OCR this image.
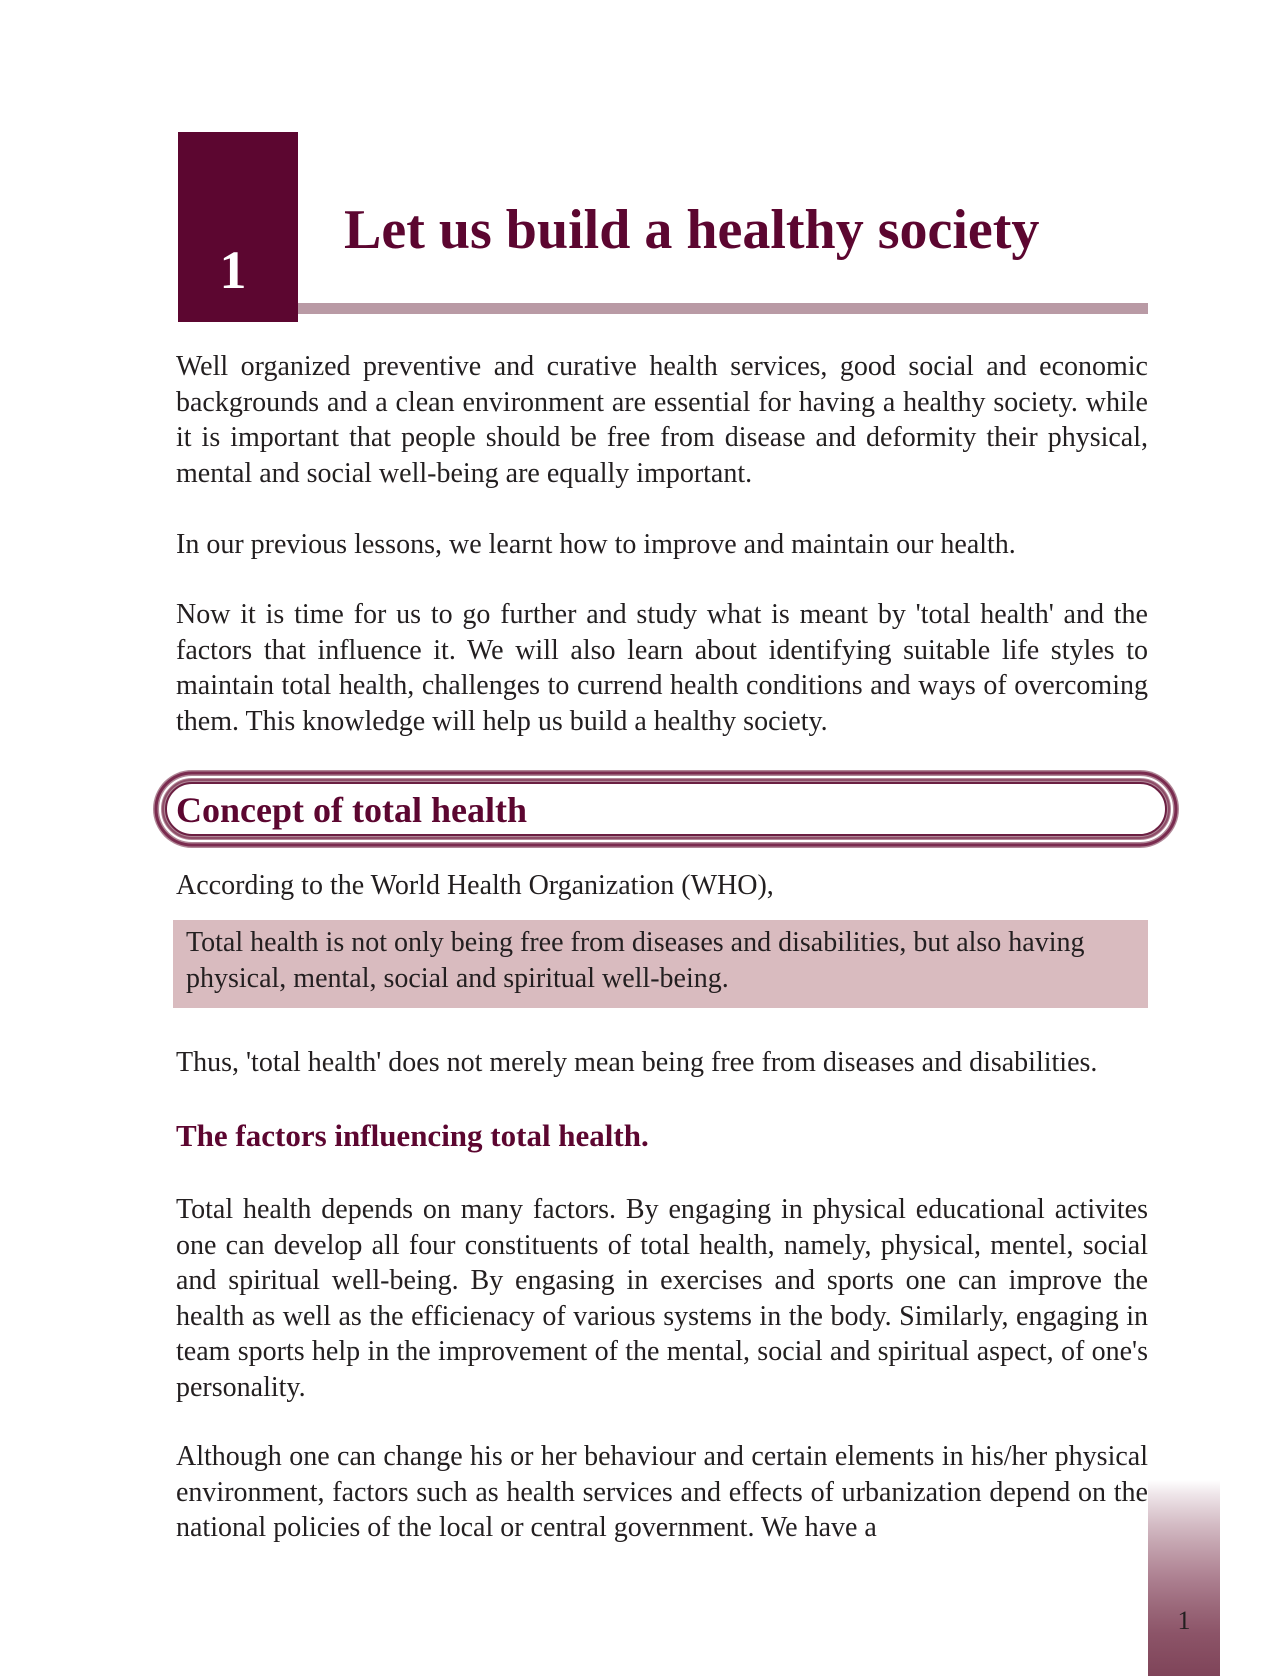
1
Let us build a healthy society
Well organized preventive and curative health services, good social and economic backgrounds and a clean environment are essential for having a healthy society. while it is important that people should be free from disease and deformity their physical, mental and social well-being are equally important.
In our previous lessons, we learnt how to improve and maintain our health.
Now it is time for us to go further and study what is meant by 'total health' and the factors that influence it. We will also learn about identifying suitable life styles to maintain total health, challenges to currend health conditions and ways of overcoming them. This knowledge will help us build a healthy society.
Concept of total health
According to the World Health Organization (WHO),
Total health is not only being free from diseases and disabilities, but also having physical, mental, social and spiritual well-being.
Thus, 'total health' does not merely mean being free from diseases and disabilities.
The factors influencing total health.
Total health depends on many factors. By engaging in physical educational activites one can develop all four constituents of total health, namely, physical, mentel, social and spiritual well-being. By engasing in exercises and sports one can improve the health as well as the efficienacy of various systems in the body. Similarly, engaging in team sports help in the improvement of the mental, social and spiritual aspect, of one's personality.
Although one can change his or her behaviour and certain elements in his/her physical environment, factors such as health services and effects of urbanization depend on the national policies of the local or central government. We have a
1
